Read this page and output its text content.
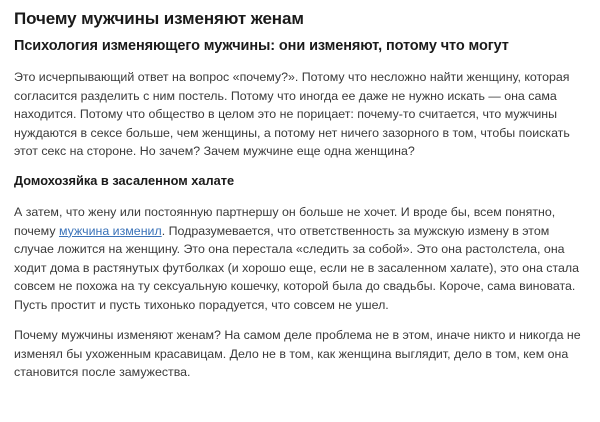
Почему мужчины изменяют женам
Психология изменяющего мужчины: они изменяют, потому что могут

Это исчерпывающий ответ на вопрос «почему?». Потому что несложно найти женщину, которая согласится разделить с ним постель. Потому что иногда ее даже не нужно искать — она сама находится. Потому что общество в целом это не порицает: почему-то считается, что мужчины нуждаются в сексе больше, чем женщины, а потому нет ничего зазорного в том, чтобы поискать этот секс на стороне. Но зачем? Зачем мужчине еще одна женщина?

Домохозяйка в засаленном халате

А затем, что жену или постоянную партнершу он больше не хочет. И вроде бы, всем понятно, почему мужчина изменил. Подразумевается, что ответственность за мужскую измену в этом случае ложится на женщину. Это она перестала «следить за собой». Это она растолстела, она ходит дома в растянутых футболках (и хорошо еще, если не в засаленном халате), это она стала совсем не похожа на ту сексуальную кошечку, которой была до свадьбы. Короче, сама виновата. Пусть простит и пусть тихонько порадуется, что совсем не ушел.

Почему мужчины изменяют женам? На самом деле проблема не в этом, иначе никто и никогда не изменял бы ухоженным красавицам. Дело не в том, как женщина выглядит, дело в том, кем она становится после замужества.
